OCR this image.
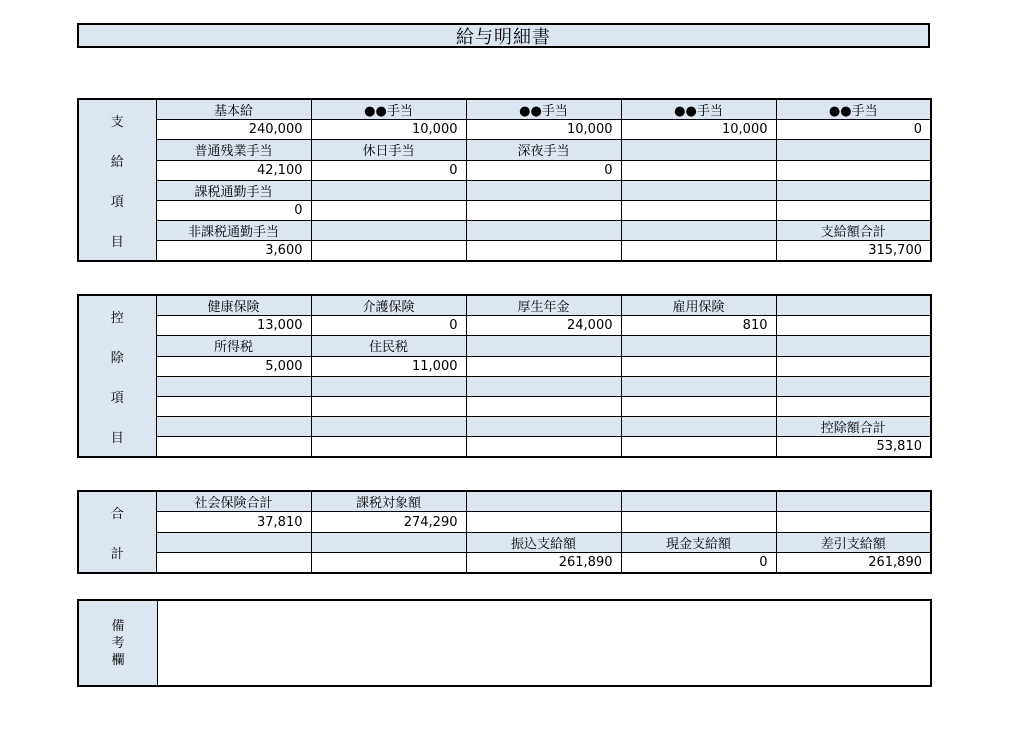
給与明細書
支
給
項
目	基本給	●●手当	●●手当	●●手当	●●手当
	240,000	10,000	10,000	10,000	0
	普通残業手当	休日手当	深夜手当		
	42,100	0	0		
	課税通勤手当				
	0				
	非課税通勤手当				支給額合計
	3,600				315,700
控
除
項
目	健康保険	介護保険	厚生年金	雇用保険	
	13,000	0	24,000	810	
	所得税	住民税			
	5,000	11,000			

					控除額合計
					53,810
合
計	社会保険合計	課税対象額			
	37,810	274,290			
			振込支給額	現金支給額	差引支給額
			261,890	0	261,890
備
考
欄
